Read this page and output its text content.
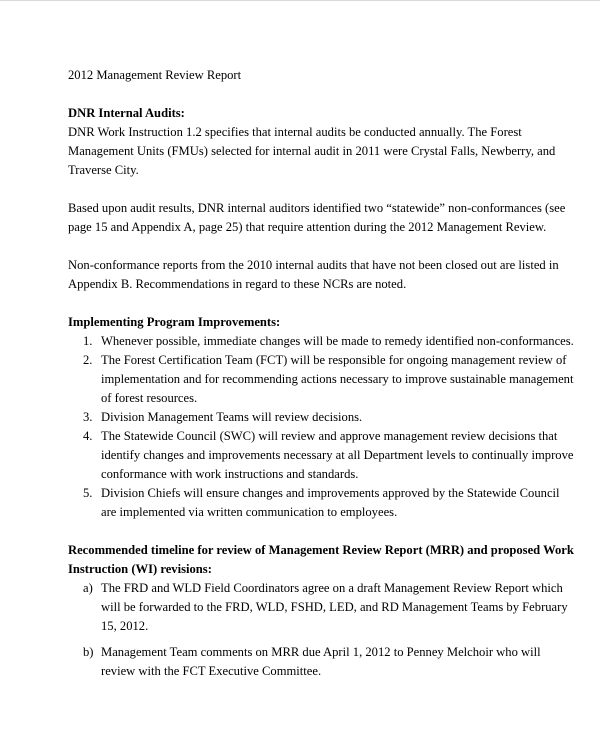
2012 Management Review Report

DNR Internal Audits:

DNR Work Instruction 1.2 specifies that internal audits be conducted annually. The Forest Management Units (FMUs) selected for internal audit in 2011 were Crystal Falls, Newberry, and Traverse City.

Based upon audit results, DNR internal auditors identified two “statewide” non-conformances (see page 15 and Appendix A, page 25) that require attention during the 2012 Management Review.

Non-conformance reports from the 2010 internal audits that have not been closed out are listed in Appendix B. Recommendations in regard to these NCRs are noted.

Implementing Program Improvements:

1. Whenever possible, immediate changes will be made to remedy identified non-conformances.
2. The Forest Certification Team (FCT) will be responsible for ongoing management review of implementation and for recommending actions necessary to improve sustainable management of forest resources.
3. Division Management Teams will review decisions.
4. The Statewide Council (SWC) will review and approve management review decisions that identify changes and improvements necessary at all Department levels to continually improve conformance with work instructions and standards.
5. Division Chiefs will ensure changes and improvements approved by the Statewide Council are implemented via written communication to employees.

Recommended timeline for review of Management Review Report (MRR) and proposed Work Instruction (WI) revisions:

a) The FRD and WLD Field Coordinators agree on a draft Management Review Report which will be forwarded to the FRD, WLD, FSHD, LED, and RD Management Teams by February 15, 2012.
b) Management Team comments on MRR due April 1, 2012 to Penney Melchoir who will review with the FCT Executive Committee.
